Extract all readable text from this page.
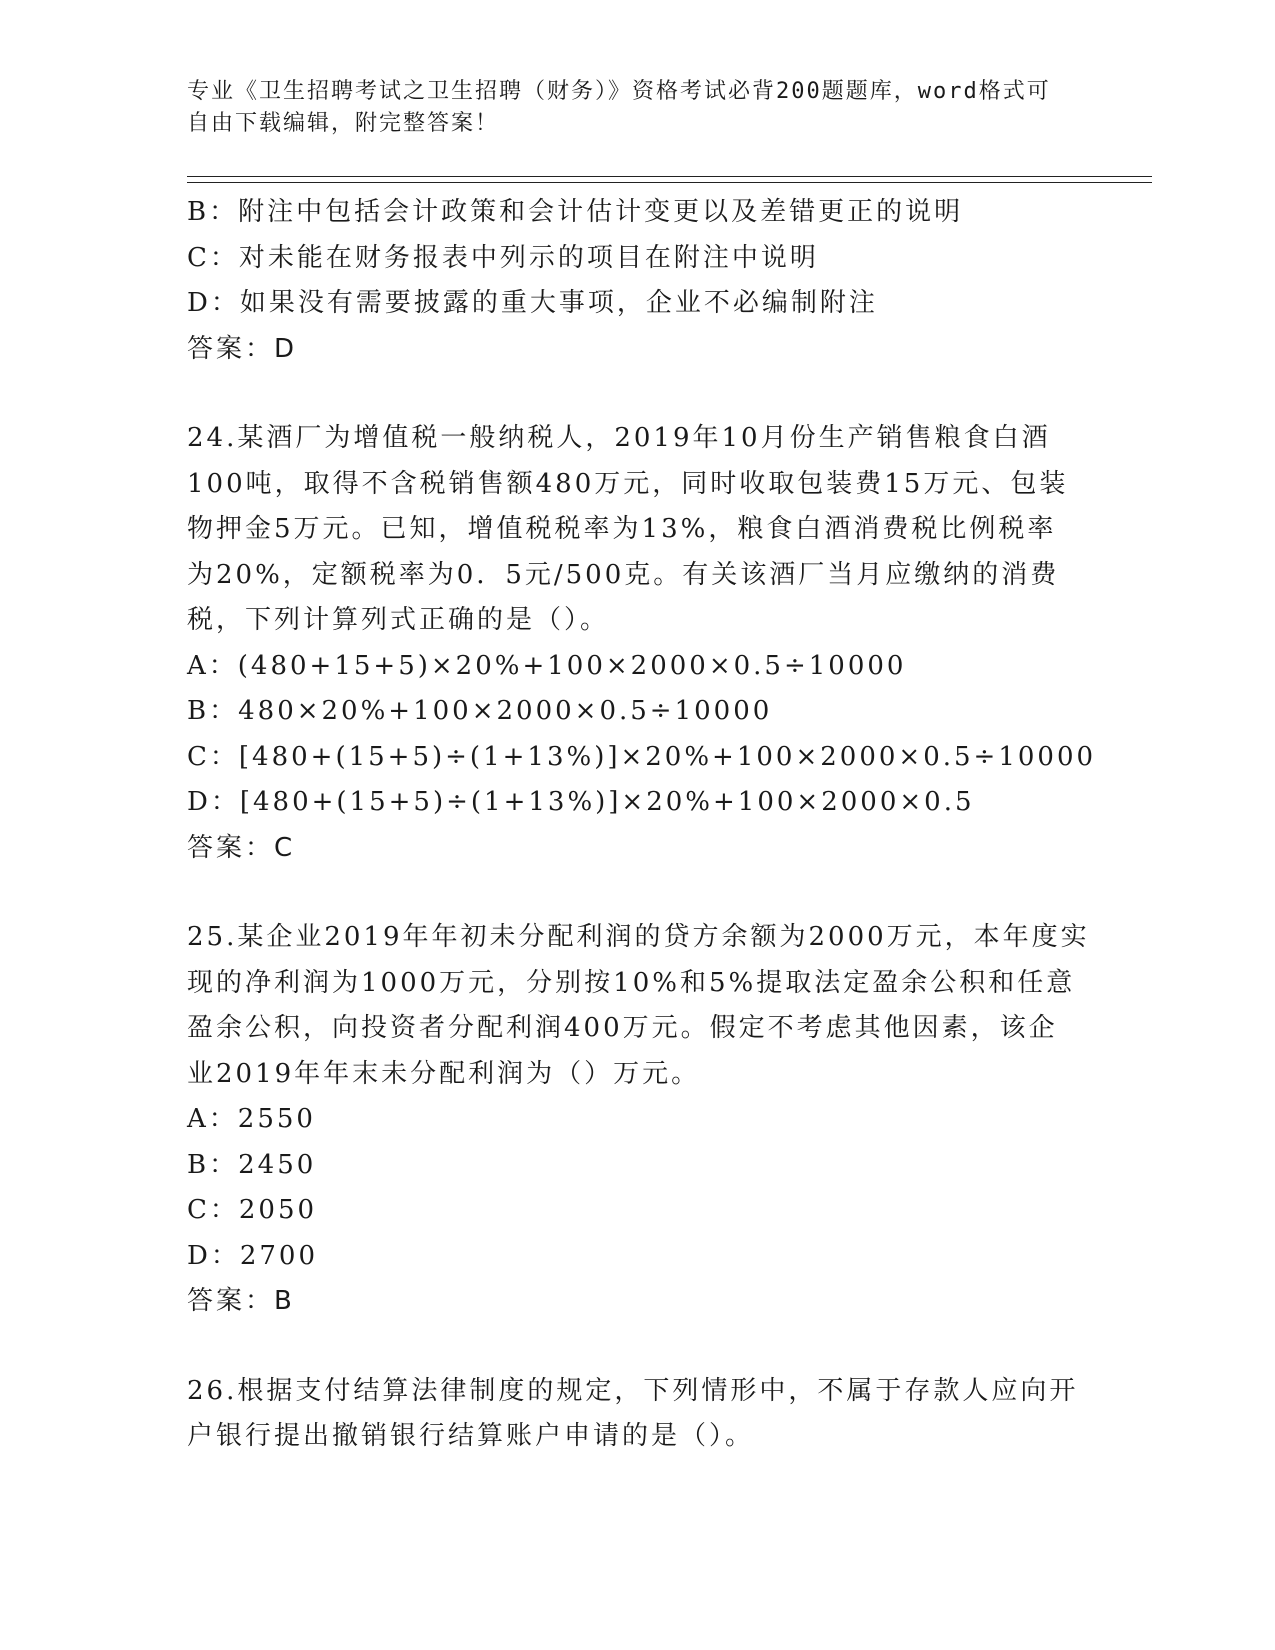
专业《卫生招聘考试之卫生招聘（财务）》资格考试必背200题题库，word格式可自由下载编辑，附完整答案！
B：附注中包括会计政策和会计估计变更以及差错更正的说明
C：对未能在财务报表中列示的项目在附注中说明
D：如果没有需要披露的重大事项，企业不必编制附注
答案：D
24.某酒厂为增值税一般纳税人，2019年10月份生产销售粮食白酒
100吨，取得不含税销售额480万元，同时收取包装费15万元、包装
物押金5万元。已知，增值税税率为13%，粮食白酒消费税比例税率
为20%，定额税率为0．5元/500克。有关该酒厂当月应缴纳的消费
税，下列计算列式正确的是（）。
A：(480+15+5)×20%+100×2000×0.5÷10000
B：480×20%+100×2000×0.5÷10000
C：[480+(15+5)÷(1+13%)]×20%+100×2000×0.5÷10000
D：[480+(15+5)÷(1+13%)]×20%+100×2000×0.5
答案：C
25.某企业2019年年初未分配利润的贷方余额为2000万元，本年度实
现的净利润为1000万元，分别按10%和5%提取法定盈余公积和任意
盈余公积，向投资者分配利润400万元。假定不考虑其他因素，该企
业2019年年末未分配利润为（）万元。
A：2550
B：2450
C：2050
D：2700
答案：B
26.根据支付结算法律制度的规定，下列情形中，不属于存款人应向开
户银行提出撤销银行结算账户申请的是（）。
